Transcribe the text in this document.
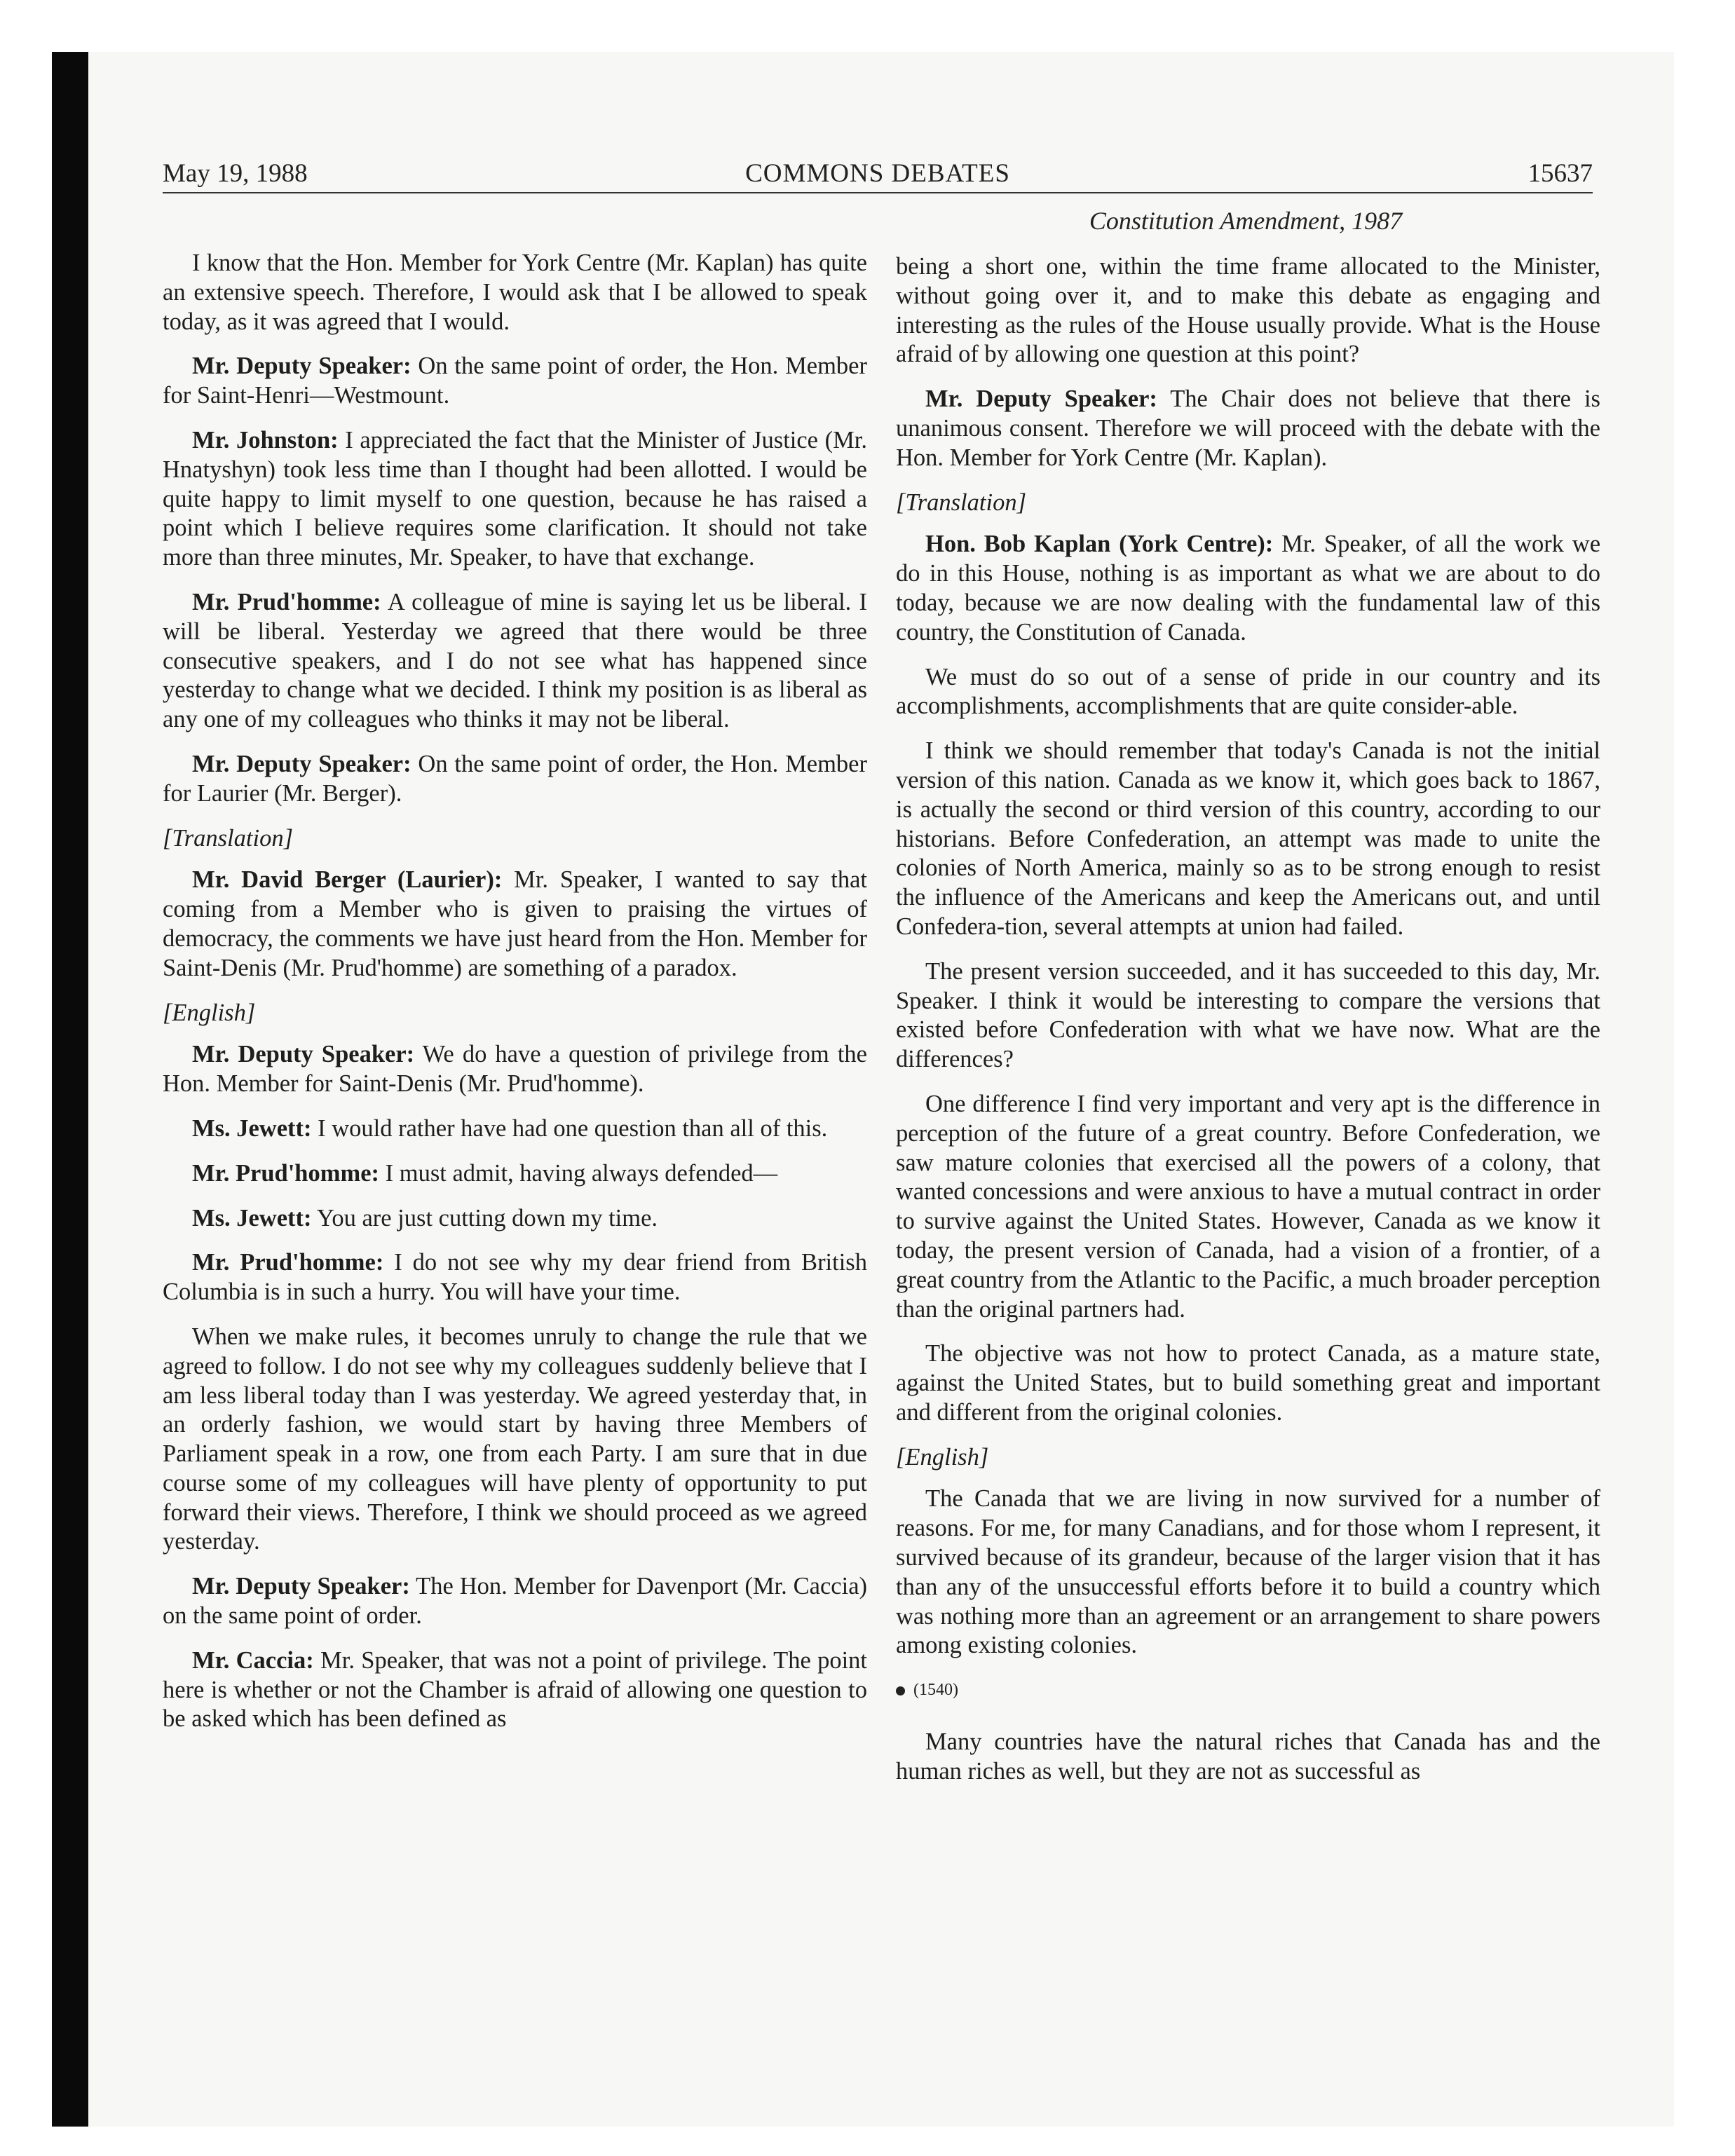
May 19, 1988	COMMONS DEBATES	15637
Constitution Amendment, 1987

I know that the Hon. Member for York Centre (Mr. Kaplan) has quite an extensive speech. Therefore, I would ask that I be allowed to speak today, as it was agreed that I would.

Mr. Deputy Speaker: On the same point of order, the Hon. Member for Saint-Henri—Westmount.

Mr. Johnston: I appreciated the fact that the Minister of Justice (Mr. Hnatyshyn) took less time than I thought had been allotted. I would be quite happy to limit myself to one question, because he has raised a point which I believe requires some clarification. It should not take more than three minutes, Mr. Speaker, to have that exchange.

Mr. Prud'homme: A colleague of mine is saying let us be liberal. I will be liberal. Yesterday we agreed that there would be three consecutive speakers, and I do not see what has happened since yesterday to change what we decided. I think my position is as liberal as any one of my colleagues who thinks it may not be liberal.

Mr. Deputy Speaker: On the same point of order, the Hon. Member for Laurier (Mr. Berger).

[Translation]

Mr. David Berger (Laurier): Mr. Speaker, I wanted to say that coming from a Member who is given to praising the virtues of democracy, the comments we have just heard from the Hon. Member for Saint-Denis (Mr. Prud'homme) are something of a paradox.

[English]

Mr. Deputy Speaker: We do have a question of privilege from the Hon. Member for Saint-Denis (Mr. Prud'homme).

Ms. Jewett: I would rather have had one question than all of this.

Mr. Prud'homme: I must admit, having always defended—

Ms. Jewett: You are just cutting down my time.

Mr. Prud'homme: I do not see why my dear friend from British Columbia is in such a hurry. You will have your time.

When we make rules, it becomes unruly to change the rule that we agreed to follow. I do not see why my colleagues suddenly believe that I am less liberal today than I was yesterday. We agreed yesterday that, in an orderly fashion, we would start by having three Members of Parliament speak in a row, one from each Party. I am sure that in due course some of my colleagues will have plenty of opportunity to put forward their views. Therefore, I think we should proceed as we agreed yesterday.

Mr. Deputy Speaker: The Hon. Member for Davenport (Mr. Caccia) on the same point of order.

Mr. Caccia: Mr. Speaker, that was not a point of privilege. The point here is whether or not the Chamber is afraid of allowing one question to be asked which has been defined as

being a short one, within the time frame allocated to the Minister, without going over it, and to make this debate as engaging and interesting as the rules of the House usually provide. What is the House afraid of by allowing one question at this point?

Mr. Deputy Speaker: The Chair does not believe that there is unanimous consent. Therefore we will proceed with the debate with the Hon. Member for York Centre (Mr. Kaplan).

[Translation]

Hon. Bob Kaplan (York Centre): Mr. Speaker, of all the work we do in this House, nothing is as important as what we are about to do today, because we are now dealing with the fundamental law of this country, the Constitution of Canada.

We must do so out of a sense of pride in our country and its accomplishments, accomplishments that are quite consider-able.

I think we should remember that today's Canada is not the initial version of this nation. Canada as we know it, which goes back to 1867, is actually the second or third version of this country, according to our historians. Before Confederation, an attempt was made to unite the colonies of North America, mainly so as to be strong enough to resist the influence of the Americans and keep the Americans out, and until Confedera-tion, several attempts at union had failed.

The present version succeeded, and it has succeeded to this day, Mr. Speaker. I think it would be interesting to compare the versions that existed before Confederation with what we have now. What are the differences?

One difference I find very important and very apt is the difference in perception of the future of a great country. Before Confederation, we saw mature colonies that exercised all the powers of a colony, that wanted concessions and were anxious to have a mutual contract in order to survive against the United States. However, Canada as we know it today, the present version of Canada, had a vision of a frontier, of a great country from the Atlantic to the Pacific, a much broader perception than the original partners had.

The objective was not how to protect Canada, as a mature state, against the United States, but to build something great and important and different from the original colonies.

[English]

The Canada that we are living in now survived for a number of reasons. For me, for many Canadians, and for those whom I represent, it survived because of its grandeur, because of the larger vision that it has than any of the unsuccessful efforts before it to build a country which was nothing more than an agreement or an arrangement to share powers among existing colonies.

(1540)

Many countries have the natural riches that Canada has and the human riches as well, but they are not as successful as
